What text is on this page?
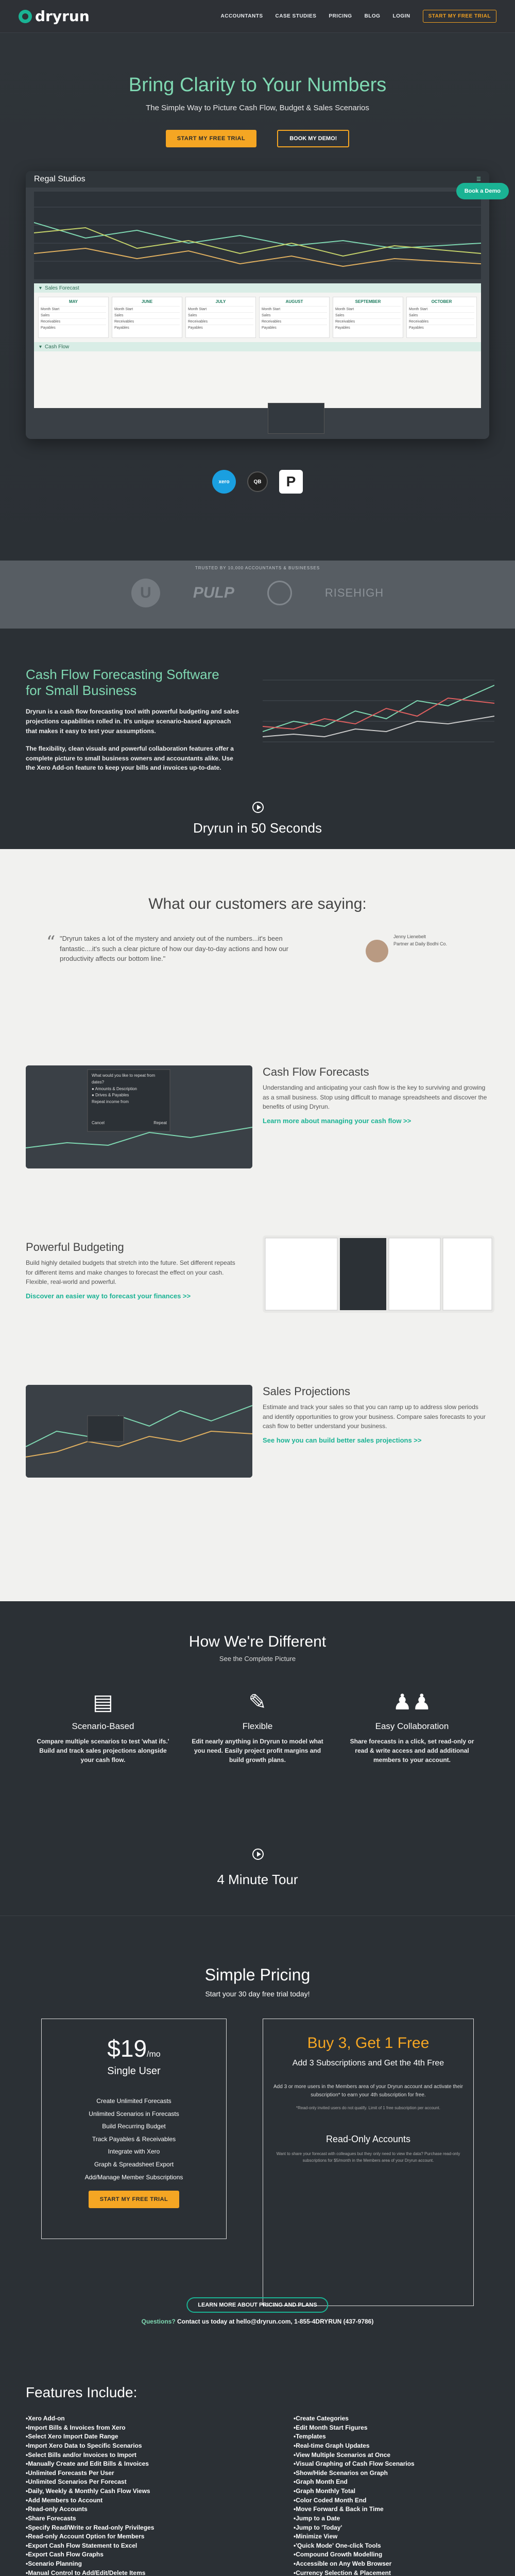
dryrun	ACCOUNTANTS CASE STUDIES PRICING BLOG LOGIN	START MY FREE TRIAL
Bring Clarity to Your Numbers
The Simple Way to Picture Cash Flow, Budget & Sales Scenarios
START MY FREE TRIAL	BOOK MY DEMO!
Regal Studios	☰
▾ Sales Forecast
MAY
Month Start
Sales
Receivables
Payables
JUNE
Month Start
Sales
Receivables
Payables
JULY
Month Start
Sales
Receivables
Payables
AUGUST
Month Start
Sales
Receivables
Payables
SEPTEMBER
Month Start
Sales
Receivables
Payables
OCTOBER
Month Start
Sales
Receivables
Payables
▾ Cash Flow
Book a Demo
xero	QB	P
TRUSTED BY 10,000 ACCOUNTANTS & BUSINESSES
U	PULP	RISEHIGH
Cash Flow Forecasting Software for Small Business

Dryrun is a cash flow forecasting tool with powerful budgeting and sales projections capabilities rolled in. It's unique scenario-based approach that makes it easy to test your assumptions.

The flexibility, clean visuals and powerful collaboration features offer a complete picture to small business owners and accountants alike. Use the Xero Add-on feature to keep your bills and invoices up-to-date.

Dryrun in 50 Seconds
What our customers are saying:
“ "Dryrun takes a lot of the mystery and anxiety out of the numbers...it's been fantastic....it's such a clear picture of how our day-to-day actions and how our productivity affects our bottom line."
Jenny Lienebelt
Partner at Daily Bodhi Co.
What would you like to repeat from dates?
● Amounts & Description
● Drives & Payables
Repeat income from
Cancel	Repeat
Cash Flow Forecasts

Understanding and anticipating your cash flow is the key to surviving and growing as a small business. Stop using difficult to manage spreadsheets and discover the benefits of using Dryrun.

Learn more about managing your cash flow >>
Powerful Budgeting

Build highly detailed budgets that stretch into the future. Set different repeats for different items and make changes to forecast the effect on your cash. Flexible, real-world and powerful.

Discover an easier way to forecast your finances >>
Sales Projections

Estimate and track your sales so that you can ramp up to address slow periods and identify opportunities to grow your business. Compare sales forecasts to your cash flow to better understand your business.

See how you can build better sales projections >>
How We're Different
See the Complete Picture
▤
Scenario-Based

Compare multiple scenarios to test 'what ifs.' Build and track sales projections alongside your cash flow.

✎
Flexible

Edit nearly anything in Dryrun to model what you need. Easily project profit margins and build growth plans.

♟♟
Easy Collaboration

Share forecasts in a click, set read-only or read & write access and add additional members to your account.

4 Minute Tour
Simple Pricing
Start your 30 day free trial today!
$19/mo
Single User
Create Unlimited Forecasts
Unlimited Scenarios in Forecasts
Build Recurring Budget
Track Payables & Receivables
Integrate with Xero
Graph & Spreadsheet Export
Add/Manage Member Subscriptions
START MY FREE TRIAL
Buy 3, Get 1 Free
Add 3 Subscriptions and Get the 4th Free
Add 3 or more users in the Members area of your Dryrun account and activate their subscription* to earn your 4th subscription for free.
*Read-only invited users do not qualify. Limit of 1 free subscription per account.
Read-Only Accounts
Want to share your forecast with colleagues but they only need to view the data? Purchase read-only subscriptions for $5/month in the Members area of your Dryrun account.
LEARN MORE ABOUT PRICING AND PLANS
Questions? Contact us today at hello@dryrun.com, 1-855-4DRYRUN (437-9786)
Features Include:
• Xero Add-on
• Import Bills & Invoices from Xero
• Select Xero Import Date Range
• Import Xero Data to Specific Scenarios
• Select Bills and/or Invoices to Import
• Manually Create and Edit Bills & Invoices
• Unlimited Forecasts Per User
• Unlimited Scenarios Per Forecast
• Daily, Weekly & Monthly Cash Flow Views
• Add Members to Account
• Read-only Accounts
• Share Forecasts
• Specify Read/Write or Read-only Privileges
• Read-only Account Option for Members
• Export Cash Flow Statement to Excel
• Export Cash Flow Graphs
• Scenario Planning
• Manual Control to Add/Edit/Delete Items
• Create Categories
• Edit Month Start Figures
• Templates
• Real-time Graph Updates
• View Multiple Scenarios at Once
• Visual Graphing of Cash Flow Scenarios
• Show/Hide Scenarios on Graph
• Graph Month End
• Graph Monthly Total
• Color Coded Month End
• Move Forward & Back in Time
• Jump to a Date
• Jump to 'Today'
• Minimize View
• 'Quick Mode' One-click Tools
• Compound Growth Modelling
• Accessible on Any Web Browser
• Currency Selection & Placement
